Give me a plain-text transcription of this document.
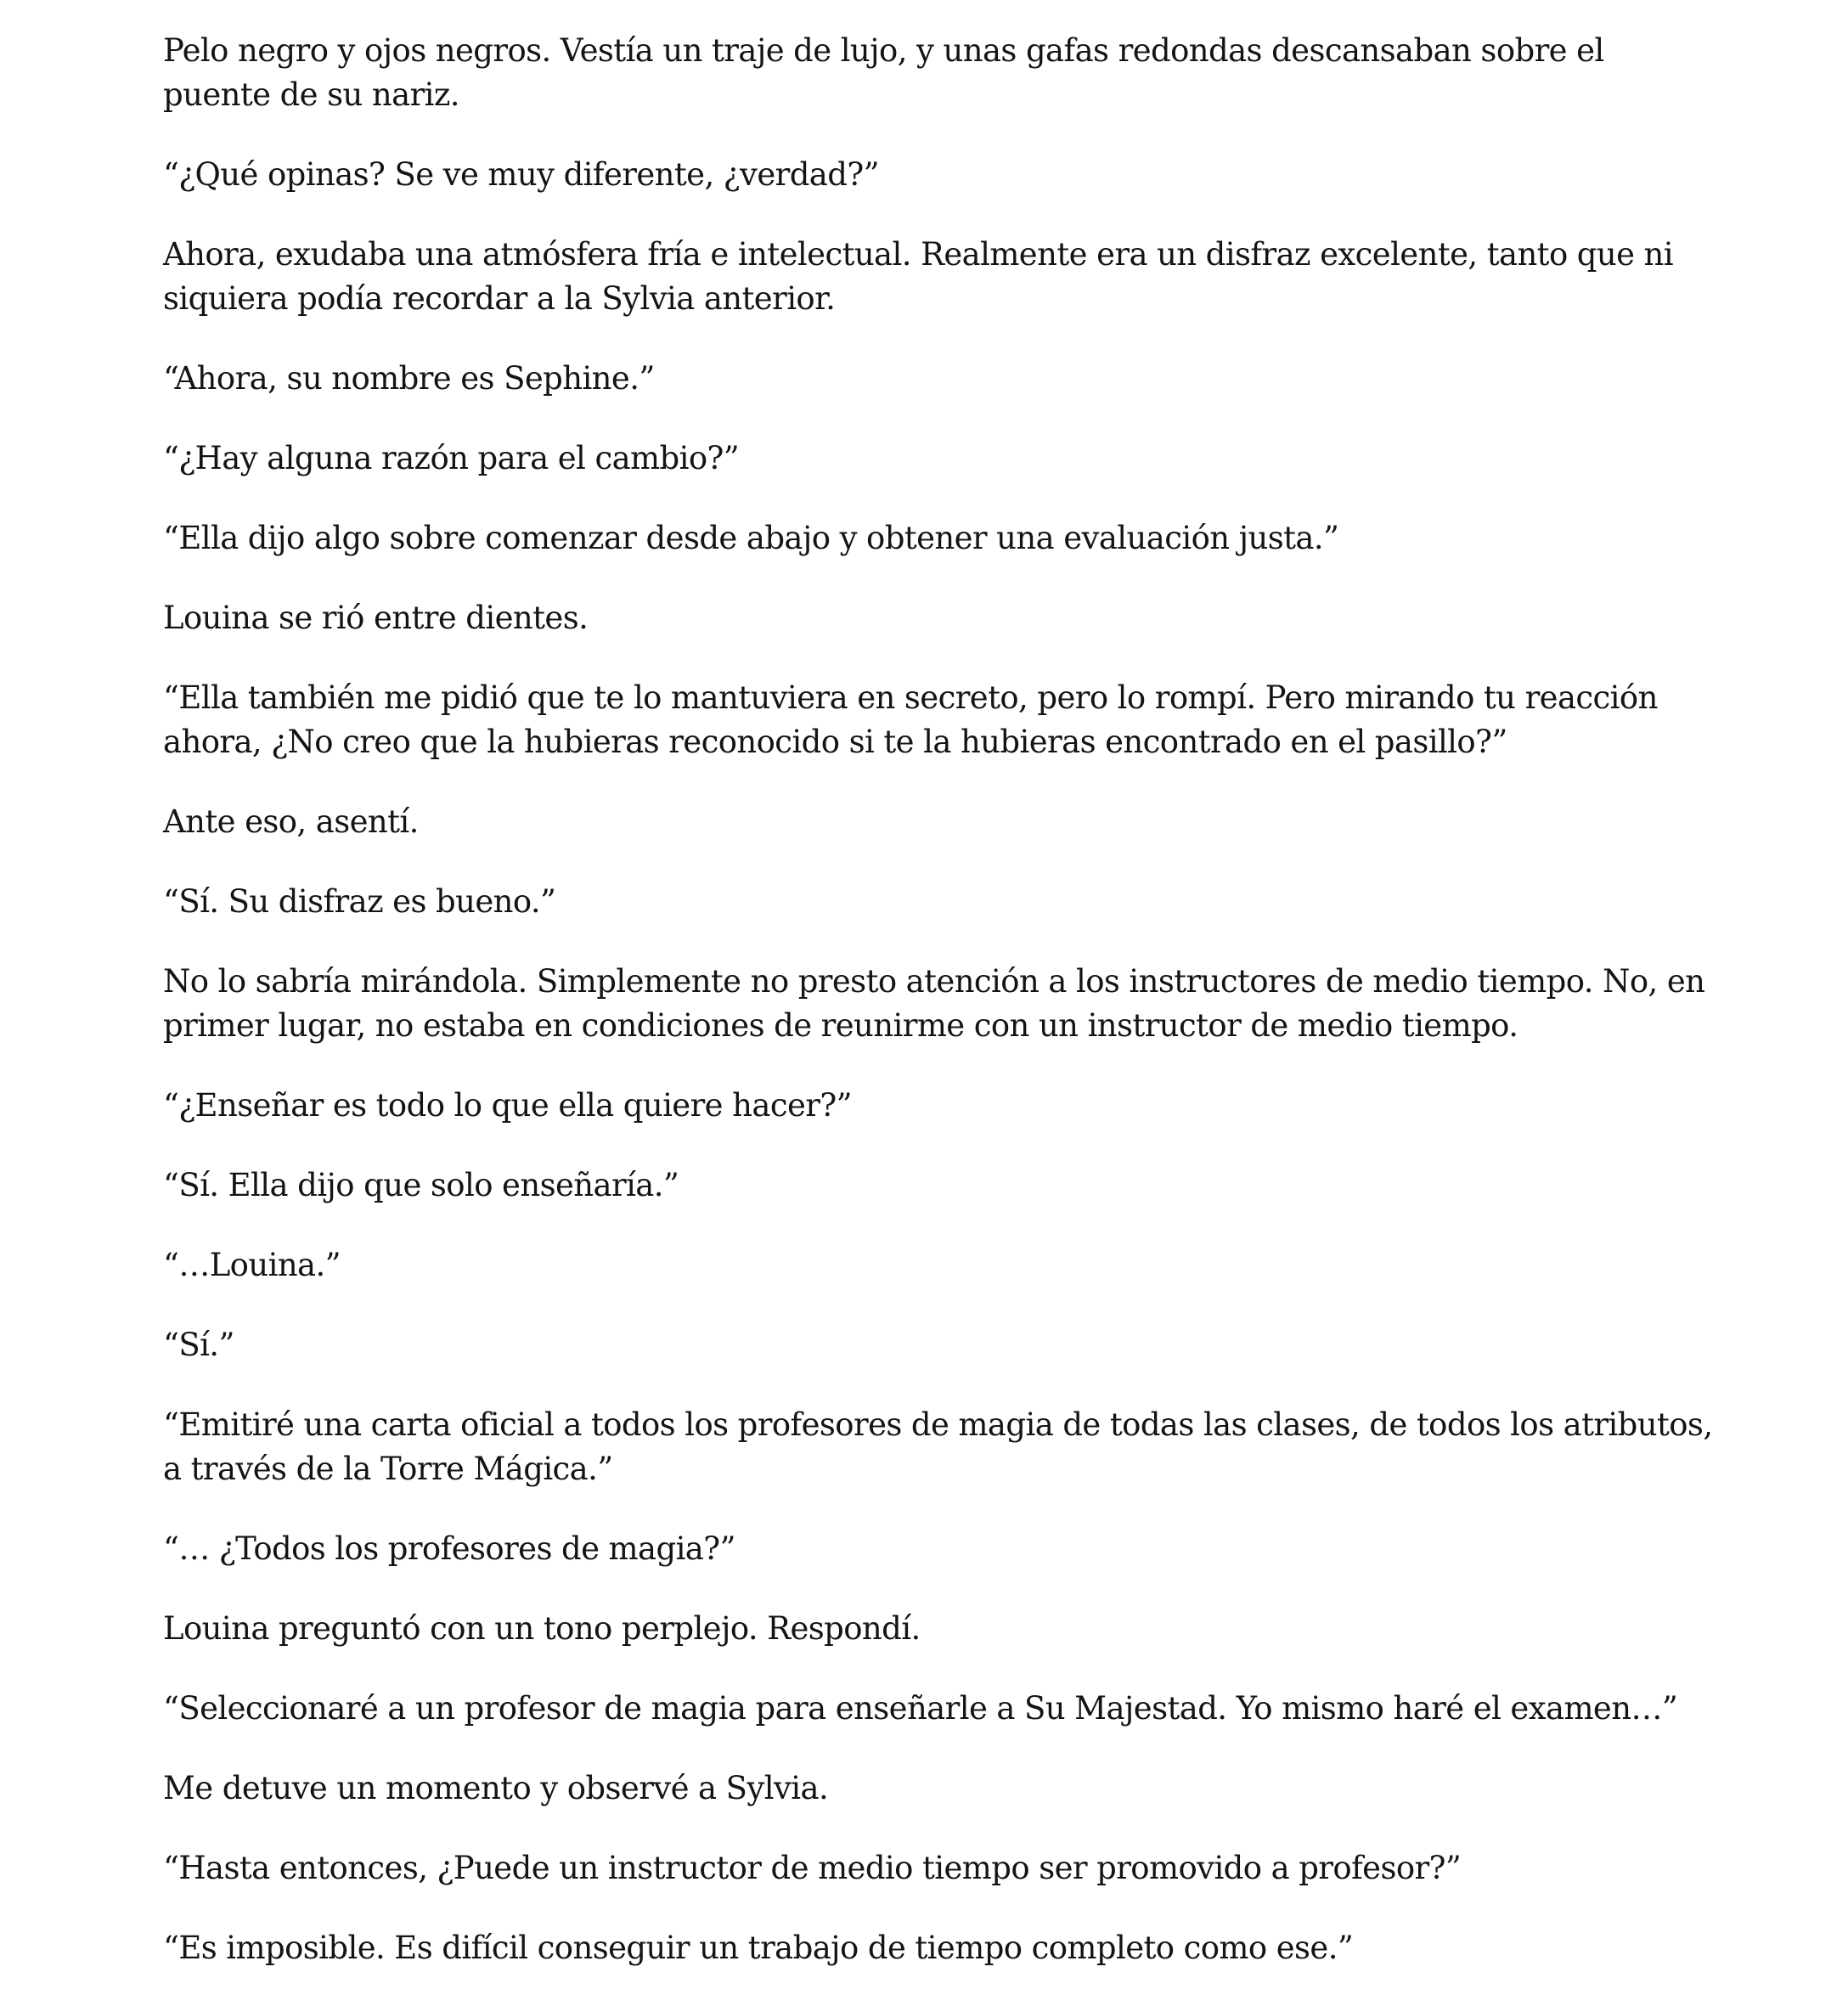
Pelo negro y ojos negros. Vestía un traje de lujo, y unas gafas redondas descansaban sobre el puente de su nariz.

“¿Qué opinas? Se ve muy diferente, ¿verdad?”

Ahora, exudaba una atmósfera fría e intelectual. Realmente era un disfraz excelente, tanto que ni siquiera podía recordar a la Sylvia anterior.

“Ahora, su nombre es Sephine.”

“¿Hay alguna razón para el cambio?”

“Ella dijo algo sobre comenzar desde abajo y obtener una evaluación justa.”

Louina se rió entre dientes.

“Ella también me pidió que te lo mantuviera en secreto, pero lo rompí. Pero mirando tu reacción ahora, ¿No creo que la hubieras reconocido si te la hubieras encontrado en el pasillo?”

Ante eso, asentí.

“Sí. Su disfraz es bueno.”

No lo sabría mirándola. Simplemente no presto atención a los instructores de medio tiempo. No, en primer lugar, no estaba en condiciones de reunirme con un instructor de medio tiempo.

“¿Enseñar es todo lo que ella quiere hacer?”

“Sí. Ella dijo que solo enseñaría.”

“…Louina.”

“Sí.”

“Emitiré una carta oficial a todos los profesores de magia de todas las clases, de todos los atributos, a través de la Torre Mágica.”

“… ¿Todos los profesores de magia?”

Louina preguntó con un tono perplejo. Respondí.

“Seleccionaré a un profesor de magia para enseñarle a Su Majestad. Yo mismo haré el examen…”

Me detuve un momento y observé a Sylvia.

“Hasta entonces, ¿Puede un instructor de medio tiempo ser promovido a profesor?”

“Es imposible. Es difícil conseguir un trabajo de tiempo completo como ese.”
